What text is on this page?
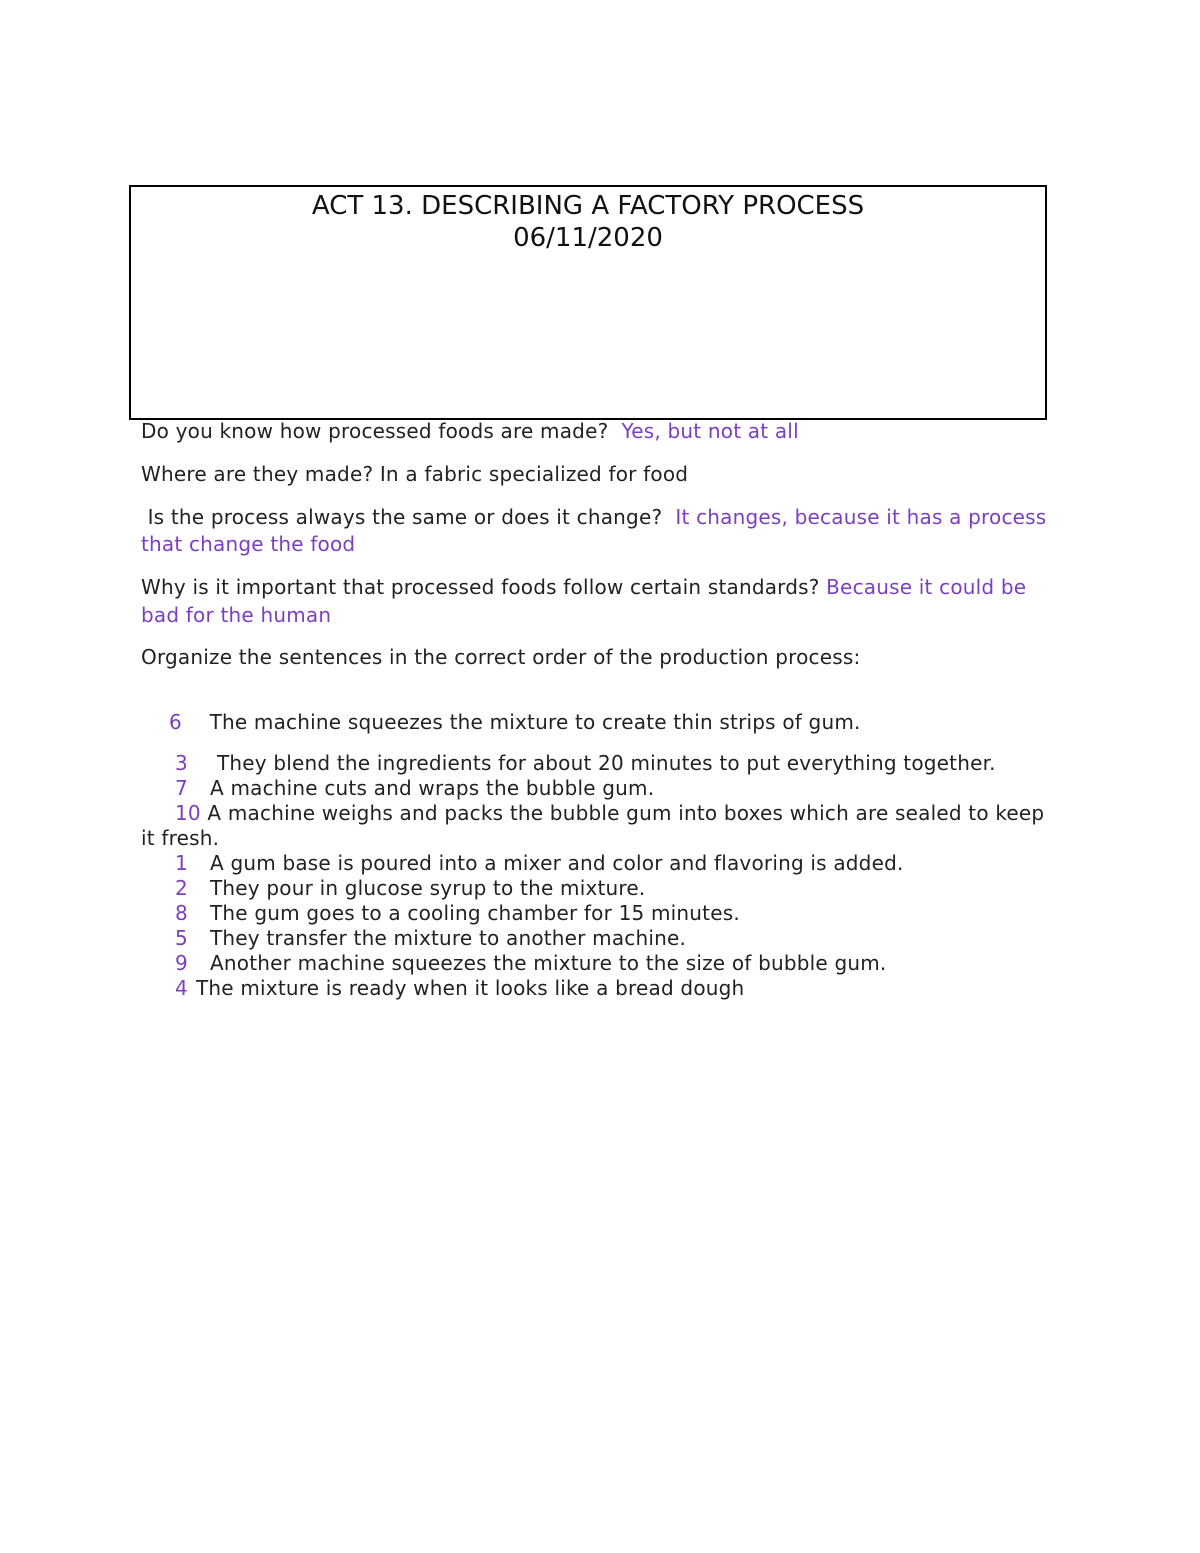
ACT 13. DESCRIBING A FACTORY PROCESS
06/11/2020
Do you know how processed foods are made? Yes, but not at all
Where are they made? In a fabric specialized for food
Is the process always the same or does it change? It changes, because it has a process that change the food
Why is it important that processed foods follow certain standards? Because it could be bad for the human
Organize the sentences in the correct order of the production process:
6 The machine squeezes the mixture to create thin strips of gum.
3 They blend the ingredients for about 20 minutes to put everything together.
7 A machine cuts and wraps the bubble gum.
10 A machine weighs and packs the bubble gum into boxes which are sealed to keep it fresh.
1 A gum base is poured into a mixer and color and flavoring is added.
2 They pour in glucose syrup to the mixture.
8 The gum goes to a cooling chamber for 15 minutes.
5 They transfer the mixture to another machine.
9 Another machine squeezes the mixture to the size of bubble gum.
4 The mixture is ready when it looks like a bread dough
